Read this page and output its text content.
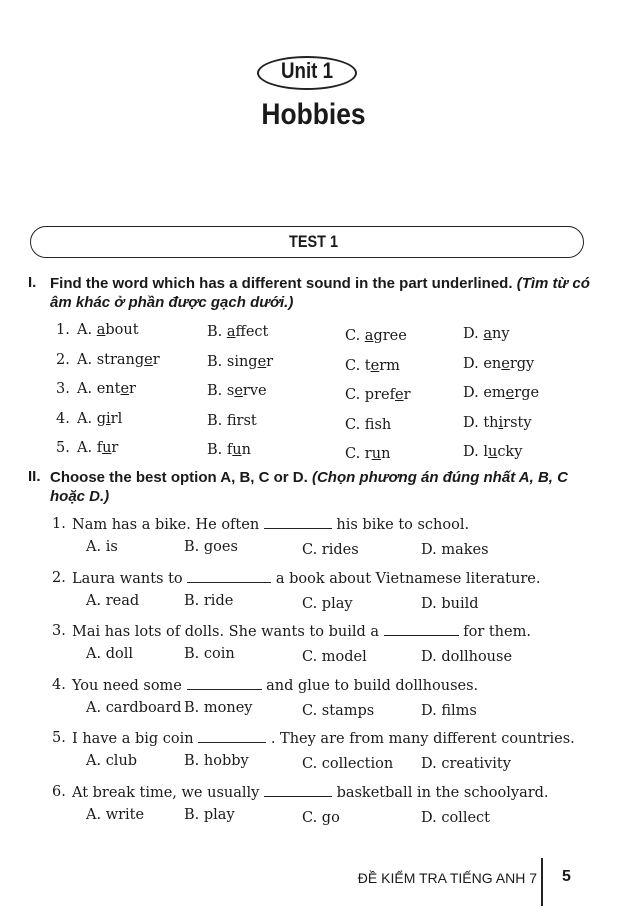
Unit 1
Hobbies
TEST 1
I. Find the word which has a different sound in the part underlined. (Tìm từ có âm khác ở phần được gạch dưới.)
1. A. about	B. affect	C. agree	D. any
2. A. stranger	B. singer	C. term	D. energy
3. A. enter	B. serve	C. prefer	D. emerge
4. A. girl	B. frst	C. fsh	D. thirsty
5. A. fur	B. fun	C. run	D. lucky
II. Choose the best option A, B, C or D. (Chọn phương án đúng nhất A, B, C hoặc D.)
1. Nam has a bike. He often	his bike to school.
A. is	B. goes	C. rides	D. makes
2. Laura wants to	a book about Vietnamese literature.
A. read	B. ride	C. play	D. build
3. Mai has lots of dolls. She wants to build a	for them.
A. doll	B. coin	C. model	D. dollhouse
4. You need some	and glue to build dollhouses.
A. cardboard B. money	C. stamps	D. films
5. I have a big coin	. They are from many different countries.
A. club	B. hobby	C. collection D. creativity
6. At break time, we usually	basketball in the schoolyard.
A. write	B. play	C. go	D. collect
ĐỀ KIỂM TRA TIẾNG ANH 7 5
